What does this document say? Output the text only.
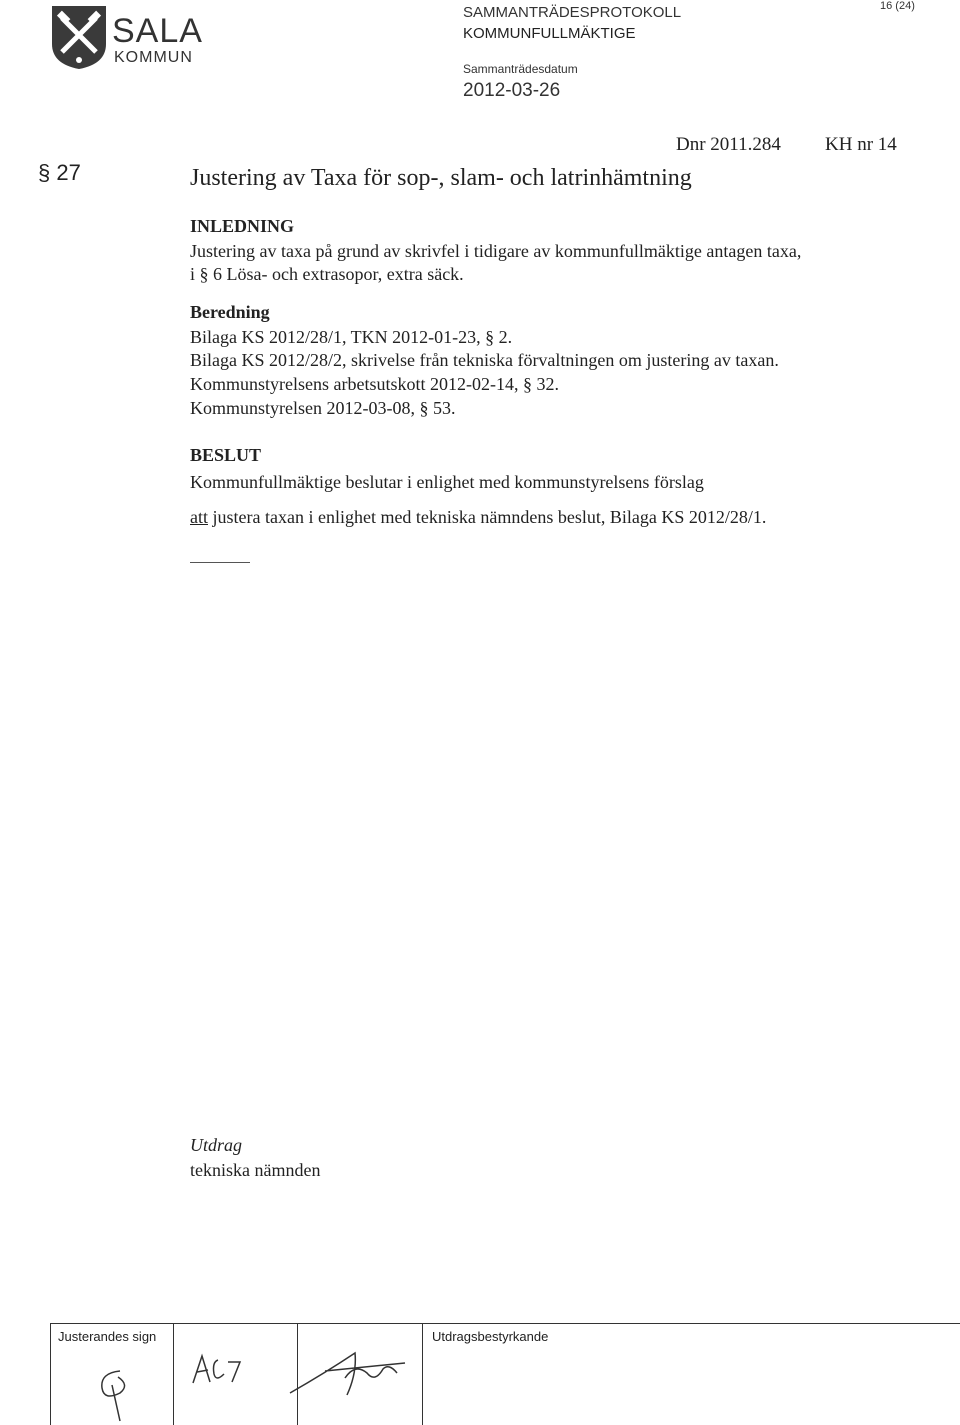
SALA
KOMMUN
SAMMANTRÄDESPROTOKOLL
KOMMUNFULLMÄKTIGE
Sammanträdesdatum
2012-03-26
16 (24)
§ 27
Dnr 2011.284 KH nr 14
Justering av Taxa för sop-, slam- och latrinhämtning
INLEDNING
Justering av taxa på grund av skrivfel i tidigare av kommunfullmäktige antagen taxa,
i § 6 Lösa- och extrasopor, extra säck.
Beredning
Bilaga KS 2012/28/1, TKN 2012-01-23, § 2.
Bilaga KS 2012/28/2, skrivelse från tekniska förvaltningen om justering av taxan.
Kommunstyrelsens arbetsutskott 2012-02-14, § 32.
Kommunstyrelsen 2012-03-08, § 53.
BESLUT
Kommunfullmäktige beslutar i enlighet med kommunstyrelsens förslag
att justera taxan i enlighet med tekniska nämndens beslut, Bilaga KS 2012/28/1.
Utdrag
tekniska nämnden
Justerandes sign	Utdragsbestyrkande
